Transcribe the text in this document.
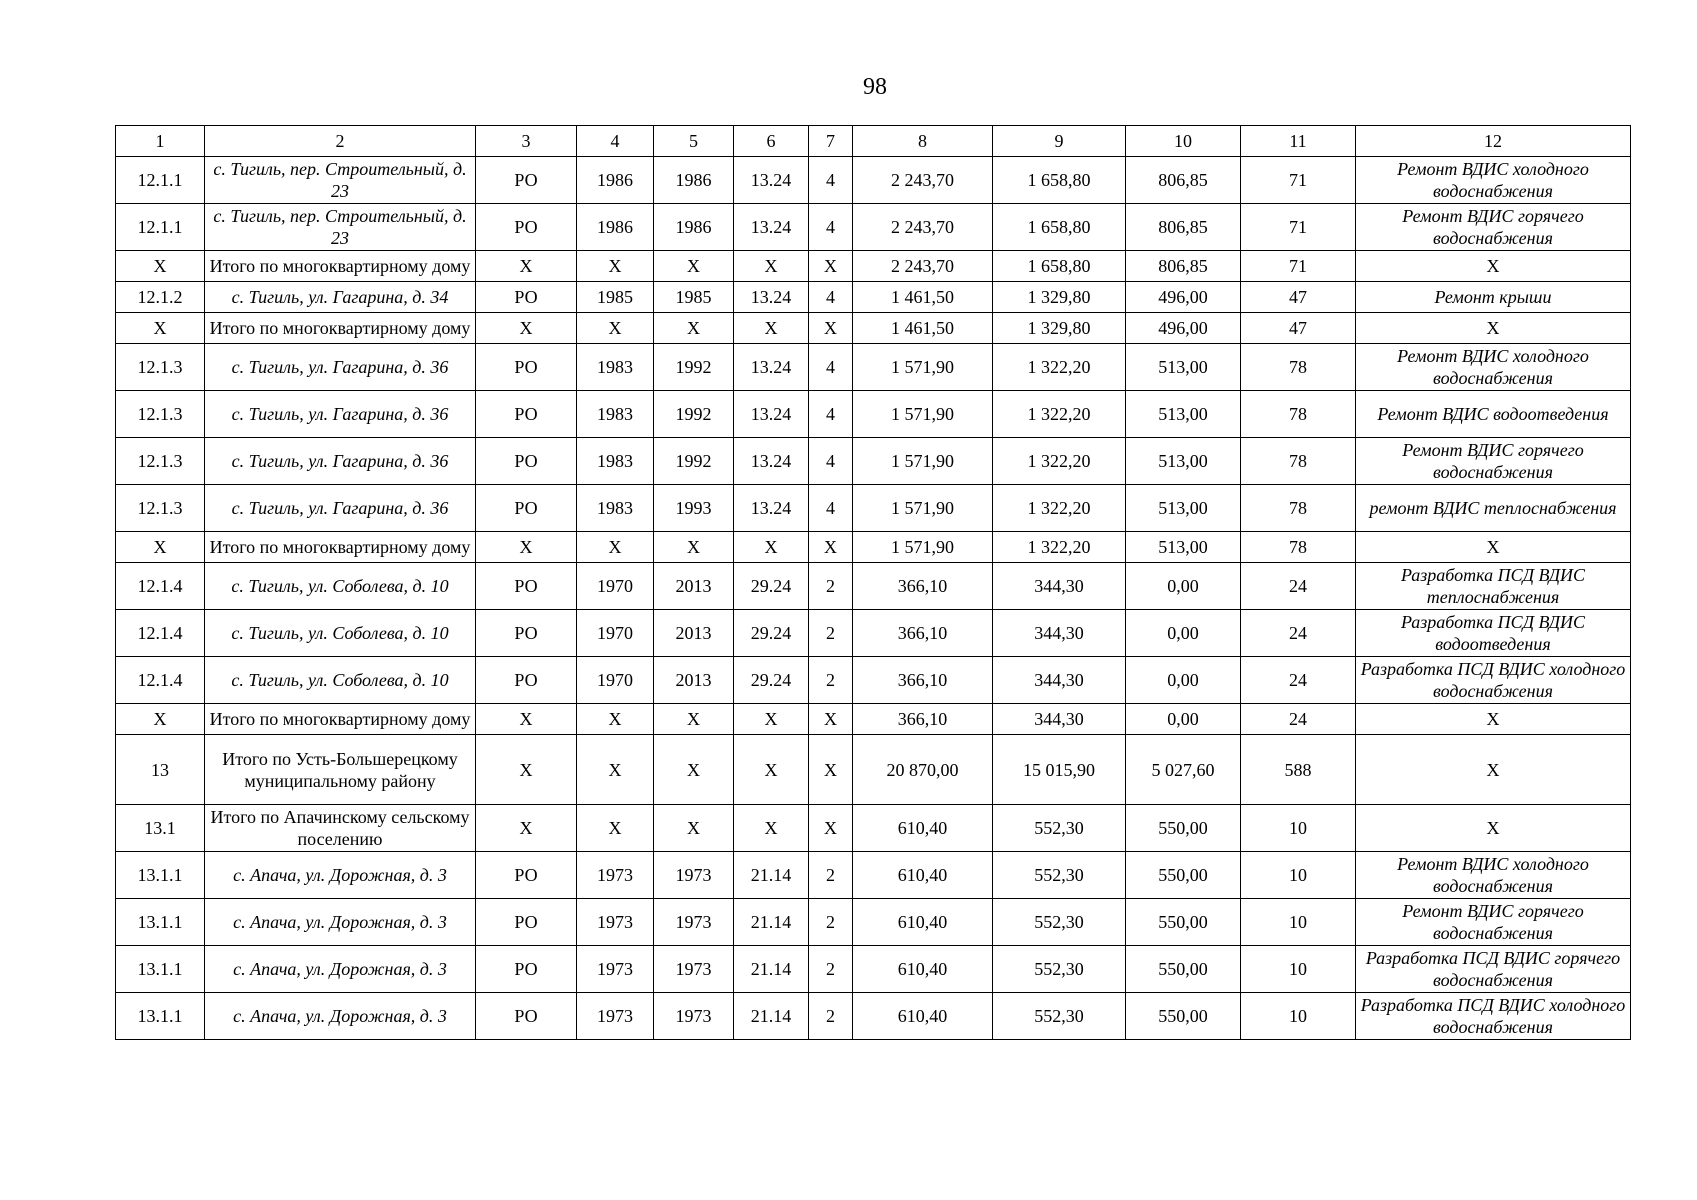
98
1	2	3	4	5	6	7	8	9	10	11	12
12.1.1	с. Тигиль, пер. Строительный, д. 23	РО	1986	1986	13.24	4	2 243,70	1 658,80	806,85	71	Ремонт ВДИС холодного водоснабжения
12.1.1	с. Тигиль, пер. Строительный, д. 23	РО	1986	1986	13.24	4	2 243,70	1 658,80	806,85	71	Ремонт ВДИС горячего водоснабжения
X	Итого по многоквартирному дому	X	X	X	X	X	2 243,70	1 658,80	806,85	71	X
12.1.2	с. Тигиль, ул. Гагарина, д. 34	РО	1985	1985	13.24	4	1 461,50	1 329,80	496,00	47	Ремонт крыши
X	Итого по многоквартирному дому	X	X	X	X	X	1 461,50	1 329,80	496,00	47	X
12.1.3	с. Тигиль, ул. Гагарина, д. 36	РО	1983	1992	13.24	4	1 571,90	1 322,20	513,00	78	Ремонт ВДИС холодного водоснабжения
12.1.3	с. Тигиль, ул. Гагарина, д. 36	РО	1983	1992	13.24	4	1 571,90	1 322,20	513,00	78	Ремонт ВДИС водоотведения
12.1.3	с. Тигиль, ул. Гагарина, д. 36	РО	1983	1992	13.24	4	1 571,90	1 322,20	513,00	78	Ремонт ВДИС горячего водоснабжения
12.1.3	с. Тигиль, ул. Гагарина, д. 36	РО	1983	1993	13.24	4	1 571,90	1 322,20	513,00	78	ремонт ВДИС теплоснабжения
X	Итого по многоквартирному дому	X	X	X	X	X	1 571,90	1 322,20	513,00	78	X
12.1.4	с. Тигиль, ул. Соболева, д. 10	РО	1970	2013	29.24	2	366,10	344,30	0,00	24	Разработка ПСД ВДИС теплоснабжения
12.1.4	с. Тигиль, ул. Соболева, д. 10	РО	1970	2013	29.24	2	366,10	344,30	0,00	24	Разработка ПСД ВДИС водоотведения
12.1.4	с. Тигиль, ул. Соболева, д. 10	РО	1970	2013	29.24	2	366,10	344,30	0,00	24	Разработка ПСД ВДИС холодного водоснабжения
X	Итого по многоквартирному дому	X	X	X	X	X	366,10	344,30	0,00	24	X
13	Итого по Усть-Большерецкому муниципальному району	X	X	X	X	X	20 870,00	15 015,90	5 027,60	588	X
13.1	Итого по Апачинскому сельскому поселению	X	X	X	X	X	610,40	552,30	550,00	10	X
13.1.1	с. Апача, ул. Дорожная, д. 3	РО	1973	1973	21.14	2	610,40	552,30	550,00	10	Ремонт ВДИС холодного водоснабжения
13.1.1	с. Апача, ул. Дорожная, д. 3	РО	1973	1973	21.14	2	610,40	552,30	550,00	10	Ремонт ВДИС горячего водоснабжения
13.1.1	с. Апача, ул. Дорожная, д. 3	РО	1973	1973	21.14	2	610,40	552,30	550,00	10	Разработка ПСД ВДИС горячего водоснабжения
13.1.1	с. Апача, ул. Дорожная, д. 3	РО	1973	1973	21.14	2	610,40	552,30	550,00	10	Разработка ПСД ВДИС холодного водоснабжения
